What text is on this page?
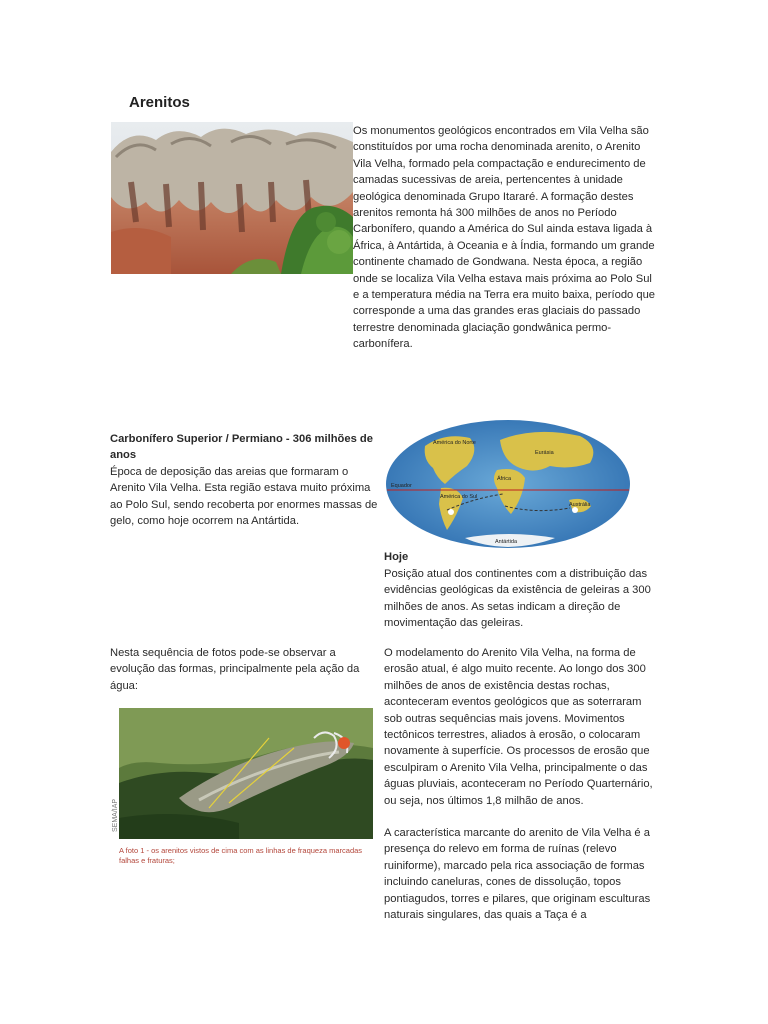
Arenitos
Os monumentos geológicos encontrados em Vila Velha são constituídos por uma rocha denominada arenito, o Arenito Vila Velha, formado pela compactação e endurecimento de camadas sucessivas de areia, pertencentes à unidade geológica denominada Grupo Itararé. A formação destes arenitos remonta há 300 milhões de anos no Período Carbonífero, quando a América do Sul ainda estava ligada à África, à Antártida, à Oceania e à Índia, formando um grande continente chamado de Gondwana. Nesta época, a região onde se localiza Vila Velha estava mais próxima ao Polo Sul e a temperatura média na Terra era muito baixa, período que corresponde a uma das grandes eras glaciais do passado terrestre denominada glaciação gondwânica permo-carbonífera.
Carbonífero Superior / Permiano - 306 milhões de anos
Época de deposição das areias que formaram o Arenito Vila Velha. Esta região estava muito próxima ao Polo Sul, sendo recoberta por enormes massas de gelo, como hoje ocorrem na Antártida.
América do Norte
Eurásia
Equador
África
América do Sul
Austrália
Antártida
Hoje
Posição atual dos continentes com a distribuição das evidências geológicas da existência de geleiras a 300 milhões de anos. As setas indicam a direção de movimentação das geleiras.
Nesta sequência de fotos pode-se observar a evolução das formas, principalmente pela ação da água:
SEMA/IAP
A foto 1 - os arenitos vistos de cima com as linhas de fraqueza marcadas falhas e fraturas;
O modelamento do Arenito Vila Velha, na forma de erosão atual, é algo muito recente. Ao longo dos 300 milhões de anos de existência destas rochas, aconteceram eventos geológicos que as soterraram sob outras sequências mais jovens. Movimentos tectônicos terrestres, aliados à erosão, o colocaram novamente à superfície. Os processos de erosão que esculpiram o Arenito Vila Velha, principalmente o das águas pluviais, aconteceram no Período Quarternário, ou seja, nos últimos 1,8 milhão de anos.
A característica marcante do arenito de Vila Velha é a presença do relevo em forma de ruínas (relevo ruiniforme), marcado pela rica associação de formas incluindo caneluras, cones de dissolução, topos pontiagudos, torres e pilares, que originam esculturas naturais singulares, das quais a Taça é a
